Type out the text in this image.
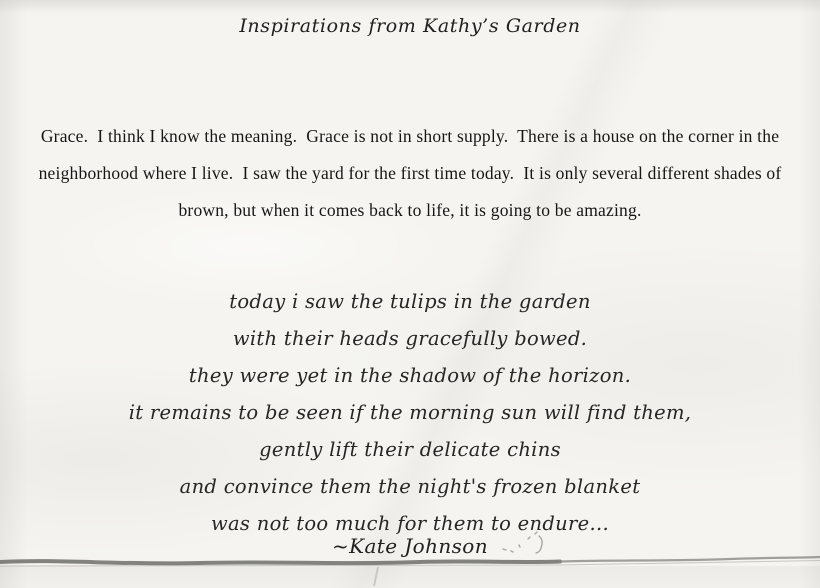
Inspirations from Kathy’s Garden
Grace.  I think I know the meaning.  Grace is not in short supply.  There is a house on the corner in the
neighborhood where I live.  I saw the yard for the first time today.  It is only several different shades of
brown, but when it comes back to life, it is going to be amazing.
today i saw the tulips in the garden
with their heads gracefully bowed.
they were yet in the shadow of the horizon.
it remains to be seen if the morning sun will find them,
gently lift their delicate chins
and convince them the night's frozen blanket
was not too much for them to endure...
~Kate Johnson
